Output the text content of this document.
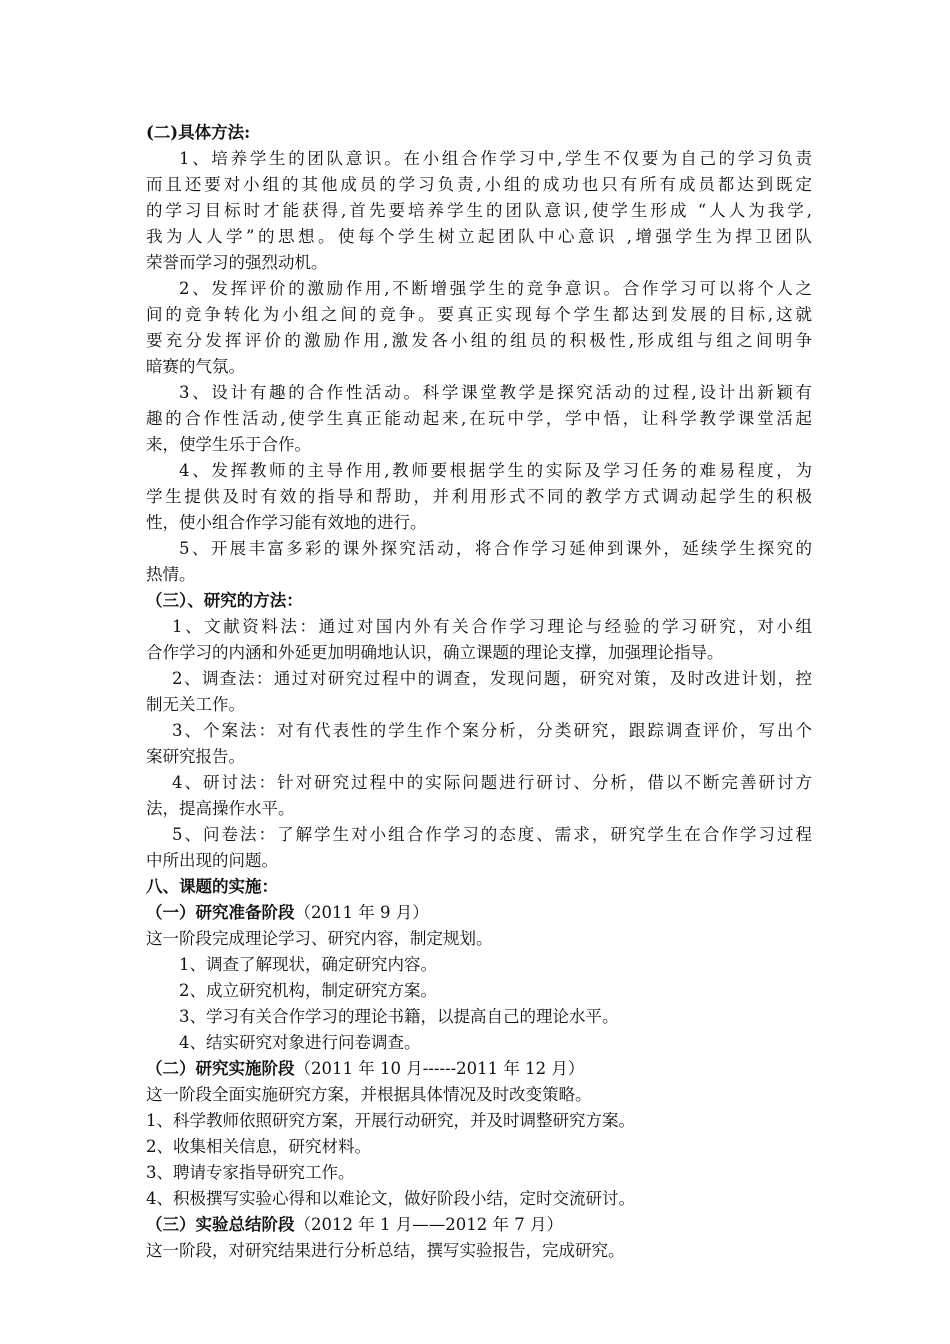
(二)具体方法:
1、培养学生的团队意识。在小组合作学习中,学生不仅要为自己的学习负责
而且还要对小组的其他成员的学习负责,小组的成功也只有所有成员都达到既定
的学习目标时才能获得,首先要培养学生的团队意识,使学生形成 “人人为我学,
我为人人学”的思想。使每个学生树立起团队中心意识 ,增强学生为捍卫团队
荣誉而学习的强烈动机。
2、发挥评价的激励作用,不断增强学生的竞争意识。合作学习可以将个人之
间的竞争转化为小组之间的竞争。要真正实现每个学生都达到发展的目标,这就
要充分发挥评价的激励作用,激发各小组的组员的积极性,形成组与组之间明争
暗赛的气氛。
3、设计有趣的合作性活动。科学课堂教学是探究活动的过程,设计出新颖有
趣的合作性活动,使学生真正能动起来,在玩中学，学中悟，让科学教学课堂活起
来，使学生乐于合作。
4、发挥教师的主导作用,教师要根据学生的实际及学习任务的难易程度，为
学生提供及时有效的指导和帮助，并利用形式不同的教学方式调动起学生的积极
性，使小组合作学习能有效地的进行。
5、开展丰富多彩的课外探究活动，将合作学习延伸到课外，延续学生探究的
热情。
（三）、研究的方法：
1、文献资料法：通过对国内外有关合作学习理论与经验的学习研究，对小组
合作学习的内涵和外延更加明确地认识，确立课题的理论支撑，加强理论指导。
2、调查法：通过对研究过程中的调查，发现问题，研究对策，及时改进计划，控
制无关工作。
3、个案法：对有代表性的学生作个案分析，分类研究，跟踪调查评价，写出个
案研究报告。
4、研讨法：针对研究过程中的实际问题进行研讨、分析，借以不断完善研讨方
法，提高操作水平。
5、问卷法：了解学生对小组合作学习的态度、需求，研究学生在合作学习过程
中所出现的问题。
八、课题的实施：
（一）研究准备阶段（2011 年 9 月）
这一阶段完成理论学习、研究内容，制定规划。
1、调查了解现状，确定研究内容。
2、成立研究机构，制定研究方案。
3、学习有关合作学习的理论书籍，以提高自己的理论水平。
4、结实研究对象进行问卷调查。
（二）研究实施阶段（2011 年 10 月------2011 年 12 月）
这一阶段全面实施研究方案，并根据具体情况及时改变策略。
1、科学教师依照研究方案，开展行动研究，并及时调整研究方案。
2、收集相关信息，研究材料。
3、聘请专家指导研究工作。
4、积极撰写实验心得和以难论文，做好阶段小结，定时交流研讨。
（三）实验总结阶段（2012 年 1 月——2012 年 7 月）
这一阶段，对研究结果进行分析总结，撰写实验报告，完成研究。
